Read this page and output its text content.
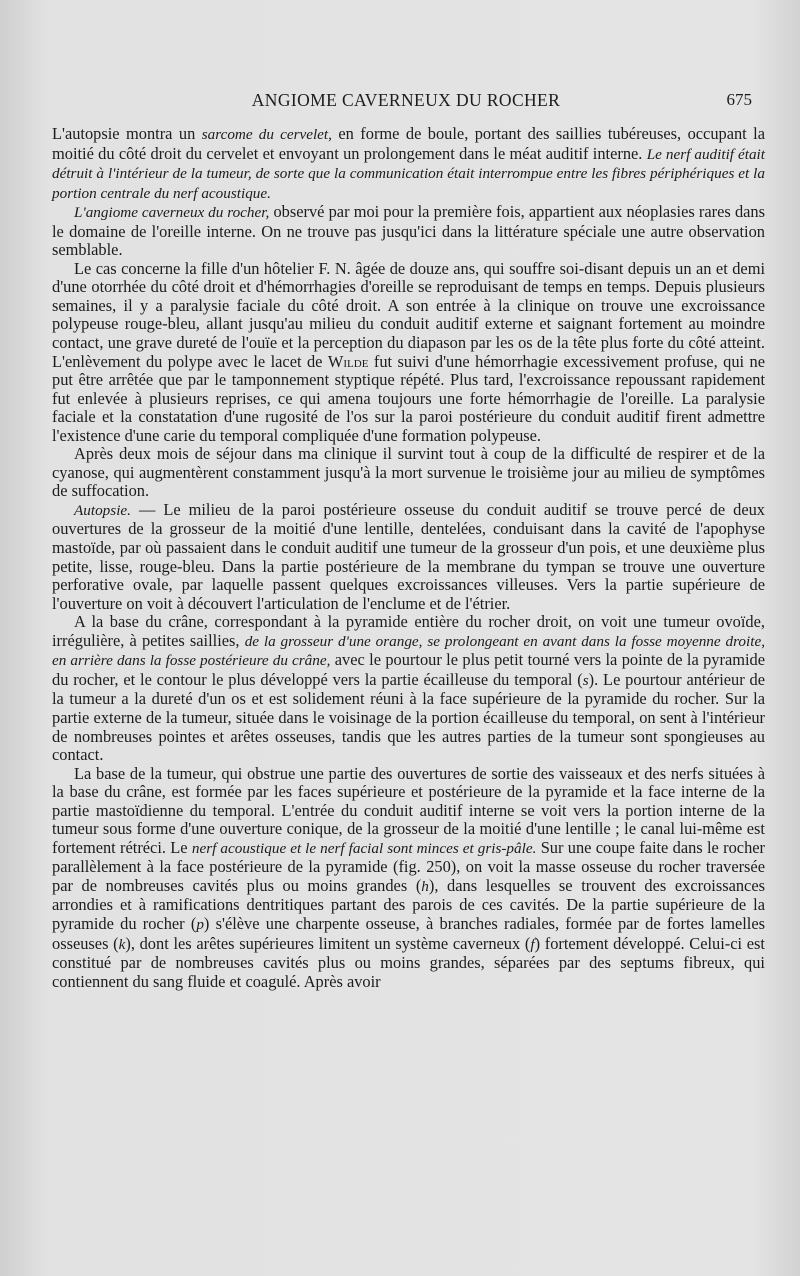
ANGIOME CAVERNEUX DU ROCHER	675

L'autopsie montra un sarcome du cervelet, en forme de boule, portant des saillies tubéreuses, occupant la moitié du côté droit du cervelet et envoyant un prolongement dans le méat auditif interne. Le nerf auditif était détruit à l'intérieur de la tumeur, de sorte que la communication était interrompue entre les fibres périphériques et la portion centrale du nerf acoustique.

L'angiome caverneux du rocher, observé par moi pour la première fois, appartient aux néoplasies rares dans le domaine de l'oreille interne. On ne trouve pas jusqu'ici dans la littérature spéciale une autre observation semblable.

Le cas concerne la fille d'un hôtelier F. N. âgée de douze ans, qui souffre soi-disant depuis un an et demi d'une otorrhée du côté droit et d'hémorrhagies d'oreille se reproduisant de temps en temps. Depuis plusieurs semaines, il y a paralysie faciale du côté droit. A son entrée à la clinique on trouve une excroissance polypeuse rouge-bleu, allant jusqu'au milieu du conduit auditif externe et saignant fortement au moindre contact, une grave dureté de l'ouïe et la perception du diapason par les os de la tête plus forte du côté atteint. L'enlèvement du polype avec le lacet de Wilde fut suivi d'une hémorrhagie excessivement profuse, qui ne put être arrêtée que par le tamponnement styptique répété. Plus tard, l'excroissance repoussant rapidement fut enlevée à plusieurs reprises, ce qui amena toujours une forte hémorrhagie de l'oreille. La paralysie faciale et la constatation d'une rugosité de l'os sur la paroi postérieure du conduit auditif firent admettre l'existence d'une carie du temporal compliquée d'une formation polypeuse.

Après deux mois de séjour dans ma clinique il survint tout à coup de la difficulté de respirer et de la cyanose, qui augmentèrent constamment jusqu'à la mort survenue le troisième jour au milieu de symptômes de suffocation.

Autopsie. — Le milieu de la paroi postérieure osseuse du conduit auditif se trouve percé de deux ouvertures de la grosseur de la moitié d'une lentille, dentelées, conduisant dans la cavité de l'apophyse mastoïde, par où passaient dans le conduit auditif une tumeur de la grosseur d'un pois, et une deuxième plus petite, lisse, rouge-bleu. Dans la partie postérieure de la membrane du tympan se trouve une ouverture perforative ovale, par laquelle passent quelques excroissances villeuses. Vers la partie supérieure de l'ouverture on voit à découvert l'articulation de l'enclume et de l'étrier.

A la base du crâne, correspondant à la pyramide entière du rocher droit, on voit une tumeur ovoïde, irrégulière, à petites saillies, de la grosseur d'une orange, se prolongeant en avant dans la fosse moyenne droite, en arrière dans la fosse postérieure du crâne, avec le pourtour le plus petit tourné vers la pointe de la pyramide du rocher, et le contour le plus développé vers la partie écailleuse du temporal (s). Le pourtour antérieur de la tumeur a la dureté d'un os et est solidement réuni à la face supérieure de la pyramide du rocher. Sur la partie externe de la tumeur, située dans le voisinage de la portion écailleuse du temporal, on sent à l'intérieur de nombreuses pointes et arêtes osseuses, tandis que les autres parties de la tumeur sont spongieuses au contact.

La base de la tumeur, qui obstrue une partie des ouvertures de sortie des vaisseaux et des nerfs situées à la base du crâne, est formée par les faces supérieure et postérieure de la pyramide et la face interne de la partie mastoïdienne du temporal. L'entrée du conduit auditif interne se voit vers la portion interne de la tumeur sous forme d'une ouverture conique, de la grosseur de la moitié d'une lentille ; le canal lui-même est fortement rétréci. Le nerf acoustique et le nerf facial sont minces et gris-pâle. Sur une coupe faite dans le rocher parallèlement à la face postérieure de la pyramide (fig. 250), on voit la masse osseuse du rocher traversée par de nombreuses cavités plus ou moins grandes (h), dans lesquelles se trouvent des excroissances arrondies et à ramifications dentritiques partant des parois de ces cavités. De la partie supérieure de la pyramide du rocher (p) s'élève une charpente osseuse, à branches radiales, formée par de fortes lamelles osseuses (k), dont les arêtes supérieures limitent un système caverneux (f) fortement développé. Celui-ci est constitué par de nombreuses cavités plus ou moins grandes, séparées par des septums fibreux, qui contiennent du sang fluide et coagulé. Après avoir
